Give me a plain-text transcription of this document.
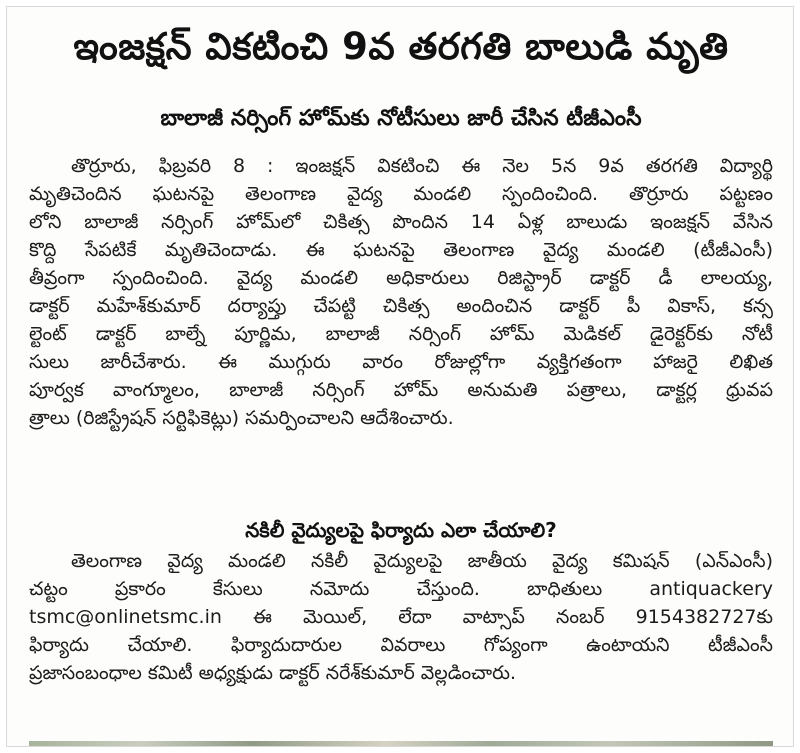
ఇంజక్షన్ వికటించి 9వ తరగతి బాలుడి మృతి
బాలాజీ నర్సింగ్ హోమ్‌కు నోటీసులు జారీ చేసిన టీజీఎంసీ
తొర్రూరు, ఫిబ్రవరి 8 : ఇంజక్షన్ వికటించి ఈ నెల 5న 9వ తరగతి విద్యార్థి
మృతిచెందిన ఘటనపై తెలంగాణ వైద్య మండలి స్పందించింది. తొర్రూరు పట్టణం
లోని బాలాజీ నర్సింగ్ హోమ్‌లో చికిత్స పొందిన 14 ఏళ్ల బాలుడు ఇంజక్షన్ వేసిన
కొద్ది సేపటికే మృతిచెందాడు. ఈ ఘటనపై తెలంగాణ వైద్య మండలి (టీజీఎంసీ)
తీవ్రంగా స్పందించింది. వైద్య మండలి అధికారులు రిజిస్ట్రార్ డాక్టర్ డీ లాలయ్య,
డాక్టర్ మహేశ్‌కుమార్ దర్యాప్తు చేపట్టి చికిత్స అందించిన డాక్టర్ పీ వికాస్, కన్స
ల్టెంట్ డాక్టర్ బాల్నే పూర్ణిమ, బాలాజీ నర్సింగ్ హోమ్ మెడికల్ డైరెక్టర్‌కు నోటీ
సులు జారీచేశారు. ఈ ముగ్గురు వారం రోజుల్లోగా వ్యక్తిగతంగా హాజరై లిఖిత
పూర్వక వాంగ్మూలం, బాలాజీ నర్సింగ్ హోమ్ అనుమతి పత్రాలు, డాక్టర్ల ధ్రువప
త్రాలు (రిజిస్ట్రేషన్ సర్టిఫికెట్లు) సమర్పించాలని ఆదేశించారు.
నకిలీ వైద్యులపై ఫిర్యాదు ఎలా చేయాలి?
తెలంగాణ వైద్య మండలి నకిలీ వైద్యులపై జాతీయ వైద్య కమిషన్ (ఎన్ఎంసీ)
చట్టం ప్రకారం కేసులు నమోదు చేస్తుంది. బాధితులు antiquackery
tsmc@onlinetsmc.in ఈ మెయిల్, లేదా వాట్సాప్ నంబర్ 9154382727కు
ఫిర్యాదు చేయాలి. ఫిర్యాదుదారుల వివరాలు గోప్యంగా ఉంటాయని టీజీఎంసీ
ప్రజాసంబంధాల కమిటీ అధ్యక్షుడు డాక్టర్ నరేశ్‌కుమార్ వెల్లడించారు.
